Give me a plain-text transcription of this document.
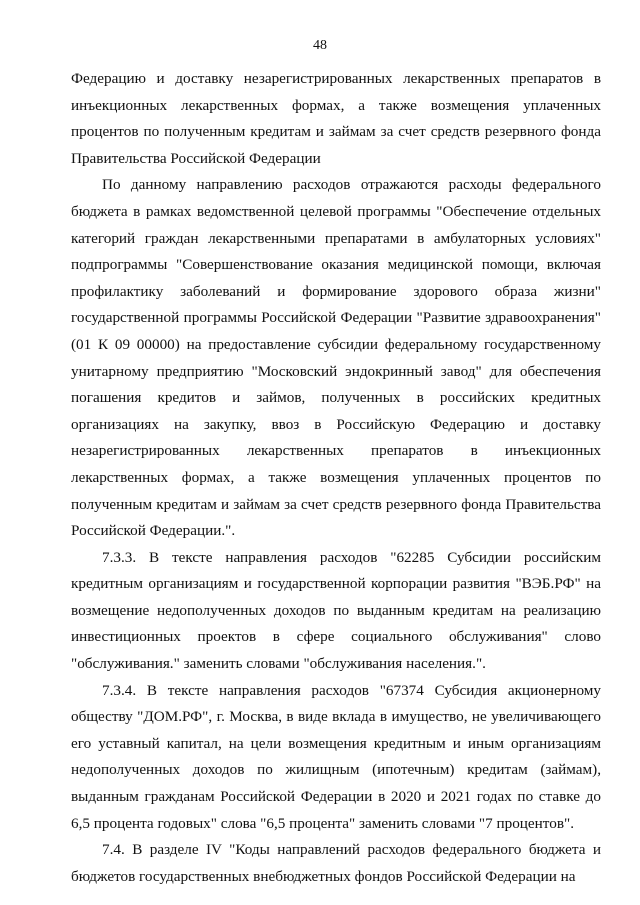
48

Федерацию и доставку незарегистрированных лекарственных препаратов в инъекционных лекарственных формах, а также возмещения уплаченных процентов по полученным кредитам и займам за счет средств резервного фонда Правительства Российской Федерации

По данному направлению расходов отражаются расходы федерального бюджета в рамках ведомственной целевой программы "Обеспечение отдельных категорий граждан лекарственными препаратами в амбулаторных условиях" подпрограммы "Совершенствование оказания медицинской помощи, включая профилактику заболеваний и формирование здорового образа жизни" государственной программы Российской Федерации "Развитие здравоохранения" (01 К 09 00000) на предоставление субсидии федеральному государственному унитарному предприятию "Московский эндокринный завод" для обеспечения погашения кредитов и займов, полученных в российских кредитных организациях на закупку, ввоз в Российскую Федерацию и доставку незарегистрированных лекарственных препаратов в инъекционных лекарственных формах, а также возмещения уплаченных процентов по полученным кредитам и займам за счет средств резервного фонда Правительства Российской Федерации.".

7.3.3. В тексте направления расходов "62285 Субсидии российским кредитным организациям и государственной корпорации развития "ВЭБ.РФ" на возмещение недополученных доходов по выданным кредитам на реализацию инвестиционных проектов в сфере социального обслуживания" слово "обслуживания." заменить словами "обслуживания населения.".

7.3.4. В тексте направления расходов "67374 Субсидия акционерному обществу "ДОМ.РФ", г. Москва, в виде вклада в имущество, не увеличивающего его уставный капитал, на цели возмещения кредитным и иным организациям недополученных доходов по жилищным (ипотечным) кредитам (займам), выданным гражданам Российской Федерации в 2020 и 2021 годах по ставке до 6,5 процента годовых" слова "6,5 процента" заменить словами "7 процентов".

7.4. В разделе IV "Коды направлений расходов федерального бюджета и бюджетов государственных внебюджетных фондов Российской Федерации на
